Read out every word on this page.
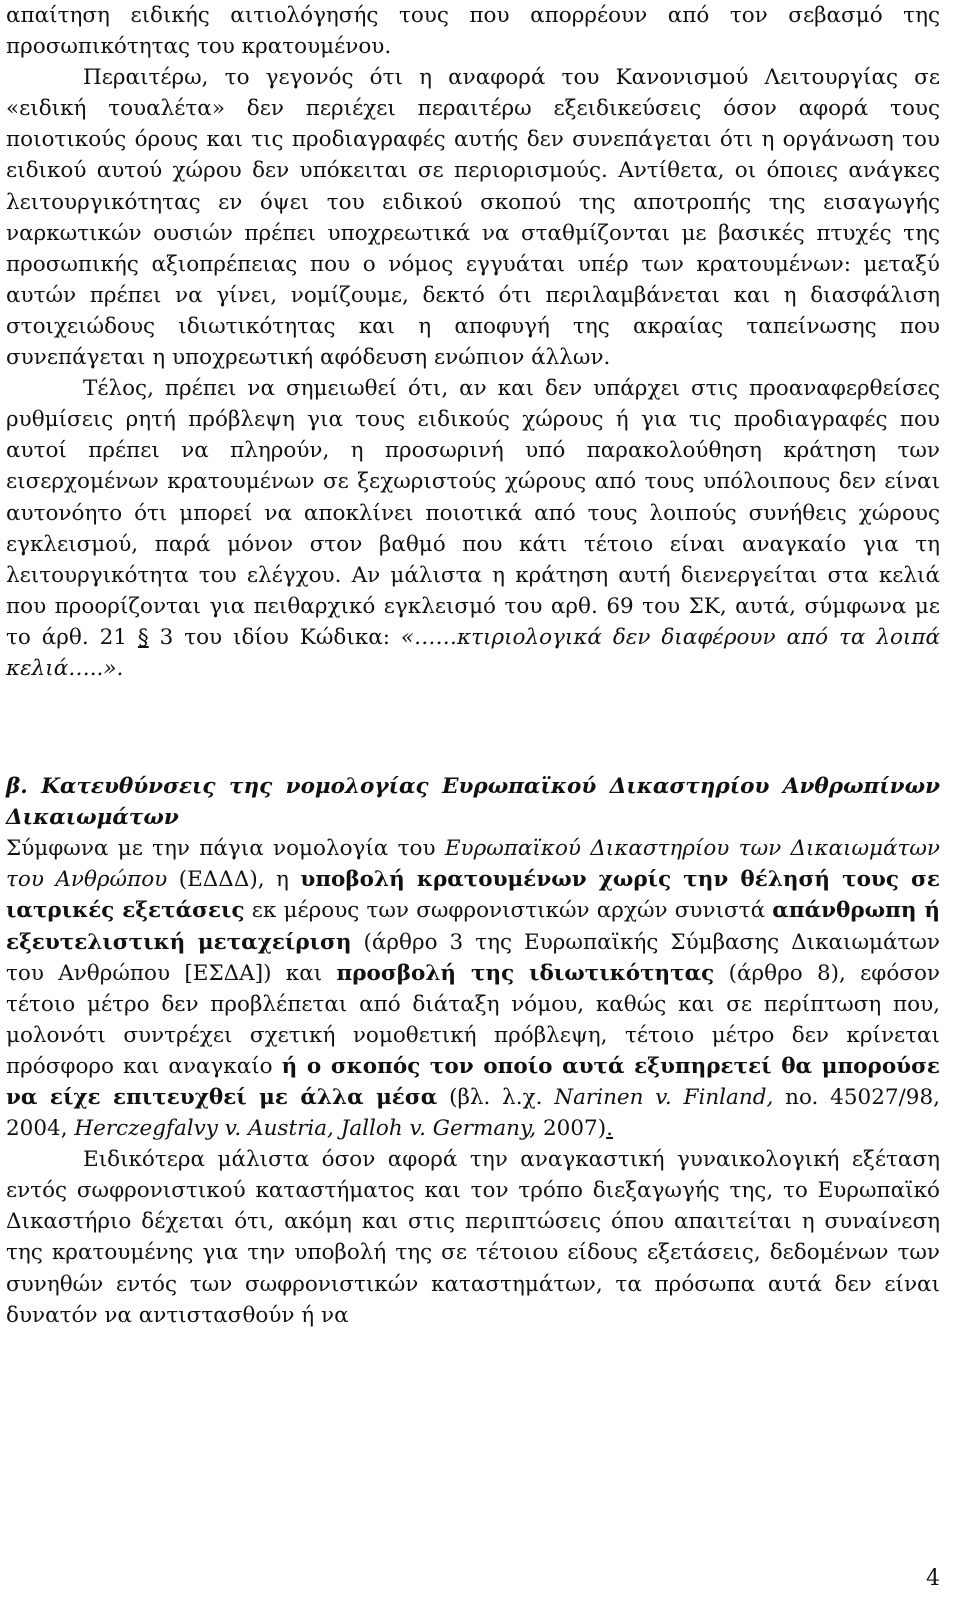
απαίτηση ειδικής αιτιολόγησής τους που απορρέουν από τον σεβασμό της προσωπικότητας του κρατουμένου.

Περαιτέρω, το γεγονός ότι η αναφορά του Κανονισμού Λειτουργίας σε «ειδική τουαλέτα» δεν περιέχει περαιτέρω εξειδικεύσεις όσον αφορά τους ποιοτικούς όρους και τις προδιαγραφές αυτής δεν συνεπάγεται ότι η οργάνωση του ειδικού αυτού χώρου δεν υπόκειται σε περιορισμούς. Αντίθετα, οι όποιες ανάγκες λειτουργικότητας εν όψει του ειδικού σκοπού της αποτροπής της εισαγωγής ναρκωτικών ουσιών πρέπει υποχρεωτικά να σταθμίζονται με βασικές πτυχές της προσωπικής αξιοπρέπειας που ο νόμος εγγυάται υπέρ των κρατουμένων: μεταξύ αυτών πρέπει να γίνει, νομίζουμε, δεκτό ότι περιλαμβάνεται και η διασφάλιση στοιχειώδους ιδιωτικότητας και η αποφυγή της ακραίας ταπείνωσης που συνεπάγεται η υποχρεωτική αφόδευση ενώπιον άλλων.

Τέλος, πρέπει να σημειωθεί ότι, αν και δεν υπάρχει στις προαναφερθείσες ρυθμίσεις ρητή πρόβλεψη για τους ειδικούς χώρους ή για τις προδιαγραφές που αυτοί πρέπει να πληρούν, η προσωρινή υπό παρακολούθηση κράτηση των εισερχομένων κρατουμένων σε ξεχωριστούς χώρους από τους υπόλοιπους δεν είναι αυτονόητο ότι μπορεί να αποκλίνει ποιοτικά από τους λοιπούς συνήθεις χώρους εγκλεισμού, παρά μόνον στον βαθμό που κάτι τέτοιο είναι αναγκαίο για τη λειτουργικότητα του ελέγχου. Αν μάλιστα η κράτηση αυτή διενεργείται στα κελιά που προορίζονται για πειθαρχικό εγκλεισμό του αρθ. 69 του ΣΚ, αυτά, σύμφωνα με το άρθ. 21 § 3 του ιδίου Κώδικα: «……κτιριολογικά δεν διαφέρουν από τα λοιπά κελιά…..».

β. Κατευθύνσεις της νομολογίας Ευρωπαϊκού Δικαστηρίου Ανθρωπίνων Δικαιωμάτων

Σύμφωνα με την πάγια νομολογία του Ευρωπαϊκού Δικαστηρίου των Δικαιωμάτων του Ανθρώπου (ΕΔΔΔ), η υποβολή κρατουμένων χωρίς την θέλησή τους σε ιατρικές εξετάσεις εκ μέρους των σωφρονιστικών αρχών συνιστά απάνθρωπη ή εξευτελιστική μεταχείριση (άρθρο 3 της Ευρωπαϊκής Σύμβασης Δικαιωμάτων του Ανθρώπου [ΕΣΔΑ]) και προσβολή της ιδιωτικότητας (άρθρο 8), εφόσον τέτοιο μέτρο δεν προβλέπεται από διάταξη νόμου, καθώς και σε περίπτωση που, μολονότι συντρέχει σχετική νομοθετική πρόβλεψη, τέτοιο μέτρο δεν κρίνεται πρόσφορο και αναγκαίο ή ο σκοπός τον οποίο αυτά εξυπηρετεί θα μπορούσε να είχε επιτευχθεί με άλλα μέσα (βλ. λ.χ. Narinen v. Finland, no. 45027/98, 2004, Herczegfalvy v. Austria, Jalloh v. Germany, 2007).

Ειδικότερα μάλιστα όσον αφορά την αναγκαστική γυναικολογική εξέταση εντός σωφρονιστικού καταστήματος και τον τρόπο διεξαγωγής της, το Ευρωπαϊκό Δικαστήριο δέχεται ότι, ακόμη και στις περιπτώσεις όπου απαιτείται η συναίνεση της κρατουμένης για την υποβολή της σε τέτοιου είδους εξετάσεις, δεδομένων των συνηθών εντός των σωφρονιστικών καταστημάτων, τα πρόσωπα αυτά δεν είναι δυνατόν να αντιστασθούν ή να

4
